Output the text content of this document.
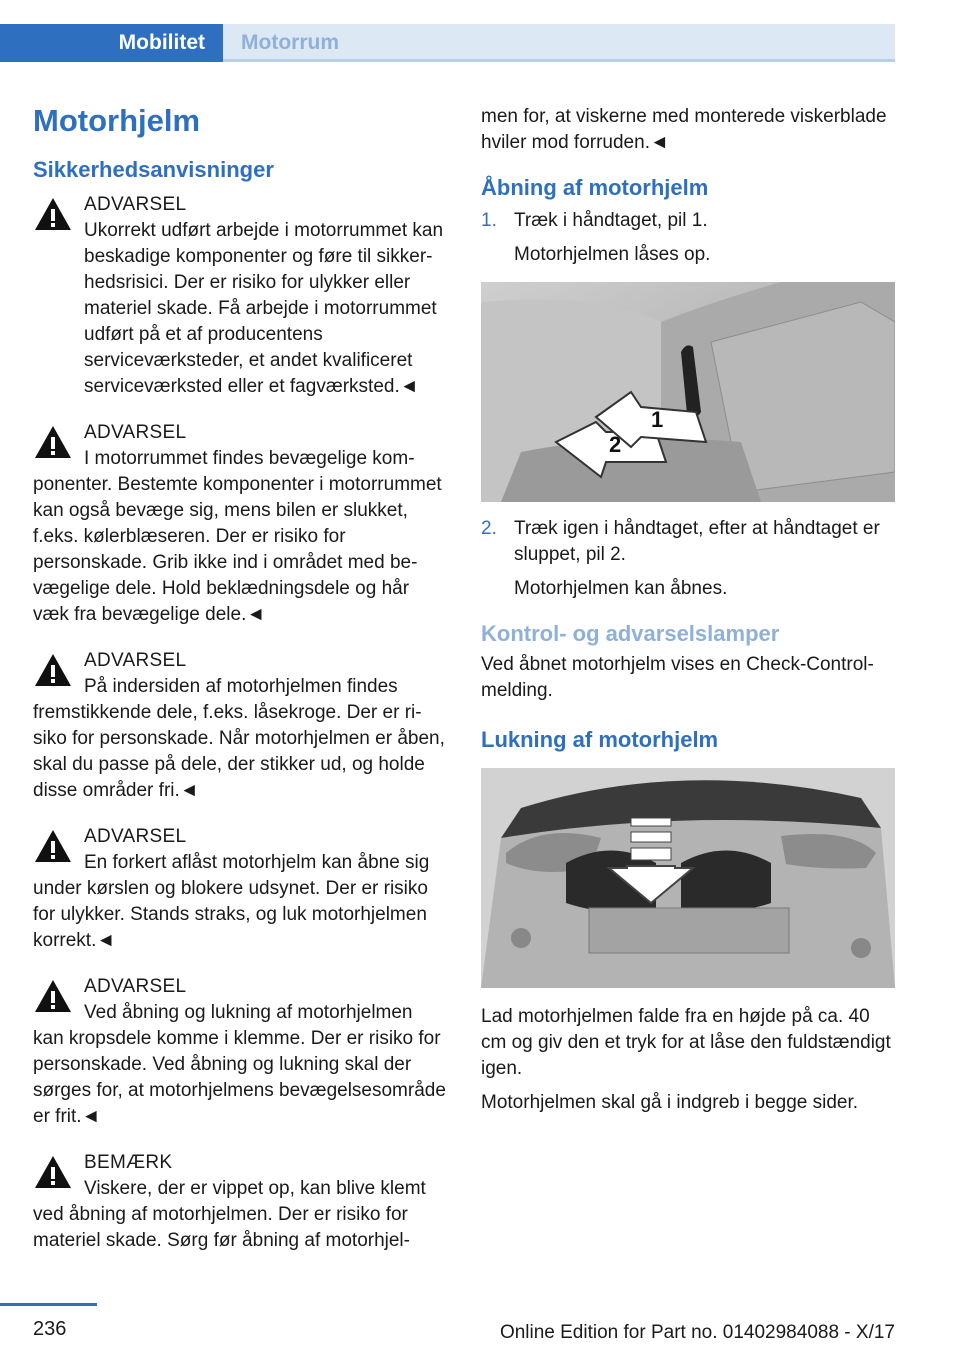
Mobilitet	Motorrum
Motorhjelm
Sikkerhedsanvisninger
ADVARSEL
Ukorrekt udført arbejde i motorrummet kan beskadige komponenter og føre til sikkerhedsrisici. Der er risiko for ulykker eller materiel skade. Få arbejde i motorrummet udført på et af producentens serviceværksteder, et andet kvalificeret serviceværksted eller et fagværksted.◄
ADVARSEL
I motorrummet findes bevægelige komponenter. Bestemte komponenter i motorrummet kan også bevæge sig, mens bilen er slukket, f.eks. kølerblæseren. Der er risiko for personskade. Grib ikke ind i området med bevægelige dele. Hold beklædningsdele og hår væk fra bevægelige dele.◄
ADVARSEL
På indersiden af motorhjelmen findes fremstikkende dele, f.eks. låsekroge. Der er risiko for personskade. Når motorhjelmen er åben, skal du passe på dele, der stikker ud, og holde disse områder fri.◄
ADVARSEL
En forkert aflåst motorhjelm kan åbne sig under kørslen og blokere udsynet. Der er risiko for ulykker. Stands straks, og luk motorhjelmen korrekt.◄
ADVARSEL
Ved åbning og lukning af motorhjelmen kan kropsdele komme i klemme. Der er risiko for personskade. Ved åbning og lukning skal der sørges for, at motorhjelmens bevægelsesområde er frit.◄
BEMÆRK
Viskere, der er vippet op, kan blive klemt ved åbning af motorhjelmen. Der er risiko for materiel skade. Sørg før åbning af motorhjel-

men for, at viskerne med monterede viskerblade hviler mod forruden.◄

Åbning af motorhjelm
1. Træk i håndtaget, pil 1.

Motorhjelmen låses op.

2
1
2. Træk igen i håndtaget, efter at håndtaget er sluppet, pil 2.

Motorhjelmen kan åbnes.

Kontrol- og advarselslamper

Ved åbnet motorhjelm vises en Check-Control-melding.

Lukning af motorhjelm

Lad motorhjelmen falde fra en højde på ca. 40 cm og giv den et tryk for at låse den fuldstændigt igen.

Motorhjelmen skal gå i indgreb i begge sider.

236	Online Edition for Part no. 01402984088 - X/17
